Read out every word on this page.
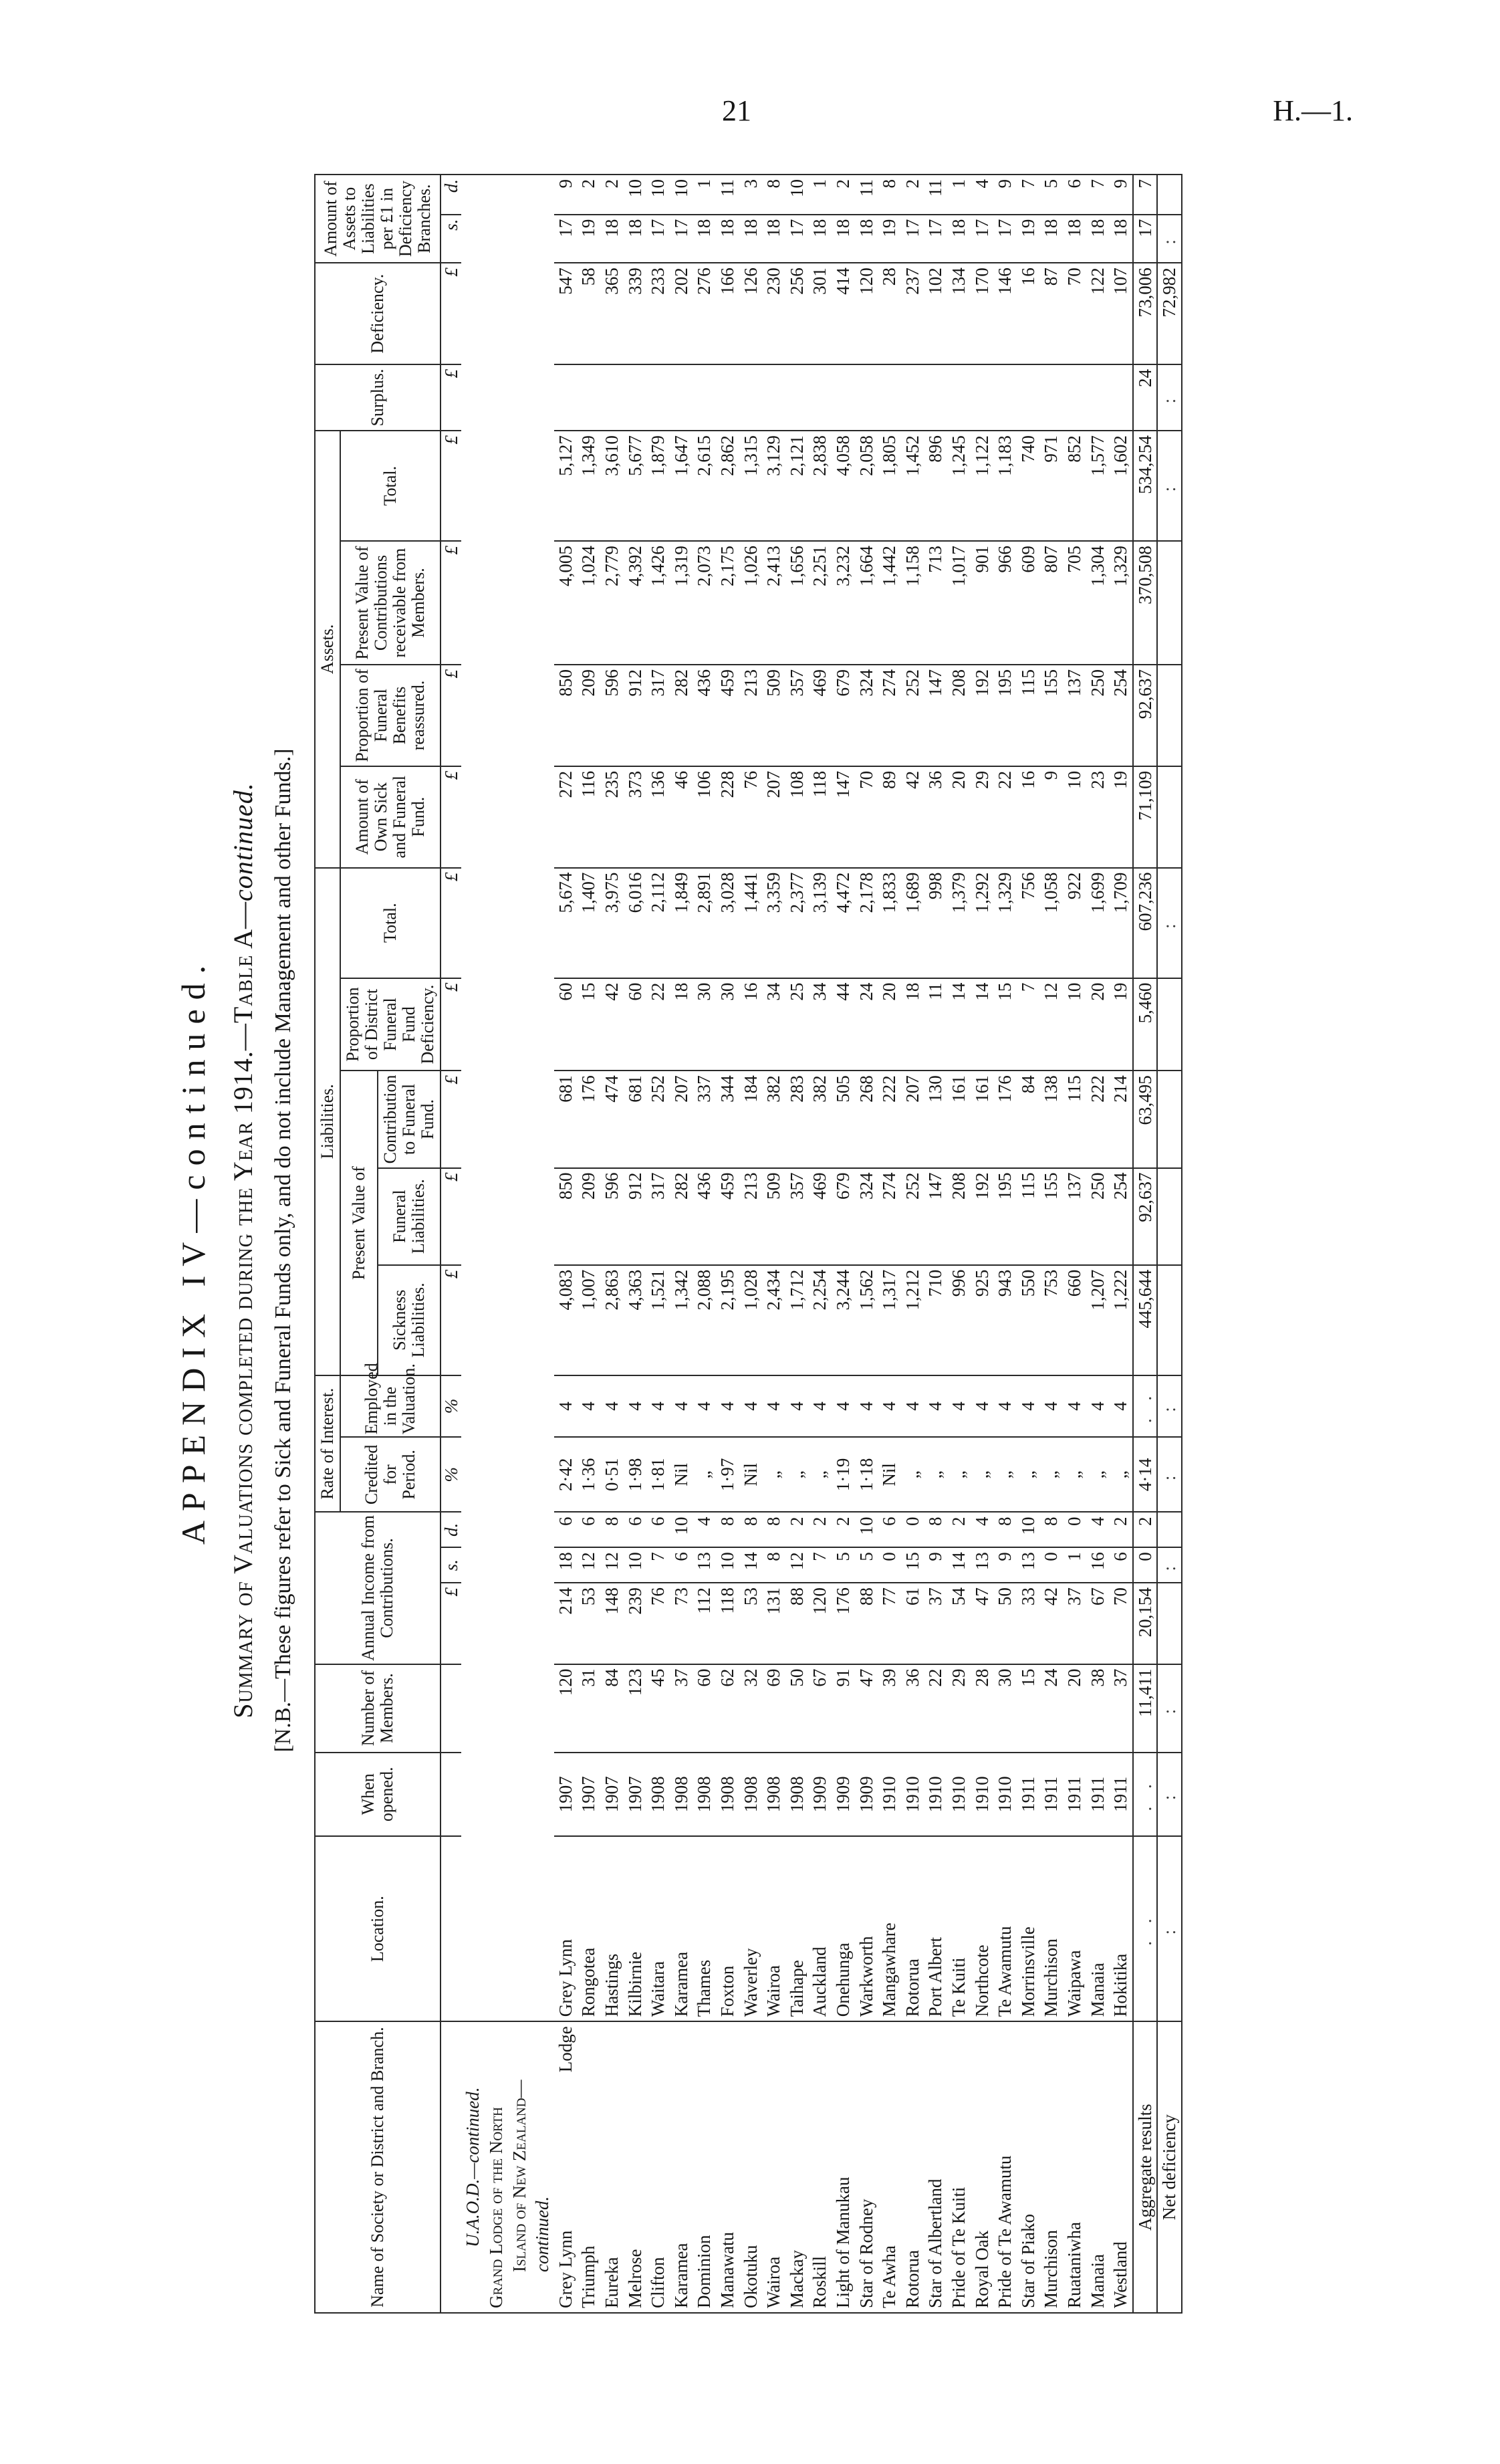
21	H.—1.
APPENDIX IV—continued. Summary of Valuations completed during the Year 1914.—Table A—continued. [N.B.—These figures refer to Sick and Funeral Funds only, and do not include Management and other Funds.]
Name of Society or District and Branch.	Location.	When opened.	Number of Members.	Annual Income from Contributions.			Rate of Interest.		Liabilities.					Assets.				Surplus.	Deficiency.	Amount of Assets to Liabilities per £1 in Deficiency Branches.	
							Credited for Period.	Employed in the Valuation.	Present Value of			Proportion of District Funeral Fund Deficiency.	Total.	Amount of Own Sick and Funeral Fund.	Proportion of Funeral Benefits reassured.	Present Value of Contributions receivable from Members.	Total.				
									Sickness Liabilities.	Funeral Liabilities.	Contribution to Funeral Fund.										
				£	s.	d.	%	%	£	£	£	£	£	£	£	£	£	£	£	s.	d.
U.A.O.D.—continued.																					
Grand Lodge of the North																					
Island of New Zealand—																					
continued.																					
Grey Lynn
Lodge	Grey Lynn	1907	120	214	18	6	2·42	4	4,083	850	681	60	5,674	272	850	4,005	5,127		547	17	9
Triumph	Rongotea	1907	31	53	12	6	1·36	4	1,007	209	176	15	1,407	116	209	1,024	1,349		58	19	2
Eureka	Hastings	1907	84	148	12	8	0·51	4	2,863	596	474	42	3,975	235	596	2,779	3,610		365	18	2
Melrose	Kilbirnie	1907	123	239	10	6	1·98	4	4,363	912	681	60	6,016	373	912	4,392	5,677		339	18	10
Clifton	Waitara	1908	45	76	7	6	1·81	4	1,521	317	252	22	2,112	136	317	1,426	1,879		233	17	10
Karamea	Karamea	1908	37	73	6	10	Nil	4	1,342	282	207	18	1,849	46	282	1,319	1,647		202	17	10
Dominion	Thames	1908	60	112	13	4	„	4	2,088	436	337	30	2,891	106	436	2,073	2,615		276	18	1
Manawatu	Foxton	1908	62	118	10	8	1·97	4	2,195	459	344	30	3,028	228	459	2,175	2,862		166	18	11
Okotuku	Waverley	1908	32	53	14	8	Nil	4	1,028	213	184	16	1,441	76	213	1,026	1,315		126	18	3
Wairoa	Wairoa	1908	69	131	8	8	„	4	2,434	509	382	34	3,359	207	509	2,413	3,129		230	18	8
Mackay	Taihape	1908	50	88	12	2	„	4	1,712	357	283	25	2,377	108	357	1,656	2,121		256	17	10
Roskill	Auckland	1909	67	120	7	2	„	4	2,254	469	382	34	3,139	118	469	2,251	2,838		301	18	1
Light of Manukau	Onehunga	1909	91	176	5	2	1·19	4	3,244	679	505	44	4,472	147	679	3,232	4,058		414	18	2
Star of Rodney	Warkworth	1909	47	88	5	10	1·18	4	1,562	324	268	24	2,178	70	324	1,664	2,058		120	18	11
Te Awha	Mangawhare	1910	39	77	0	6	Nil	4	1,317	274	222	20	1,833	89	274	1,442	1,805		28	19	8
Rotorua	Rotorua	1910	36	61	15	0	„	4	1,212	252	207	18	1,689	42	252	1,158	1,452		237	17	2
Star of Albertland	Port Albert	1910	22	37	9	8	„	4	710	147	130	11	998	36	147	713	896		102	17	11
Pride of Te Kuiti	Te Kuiti	1910	29	54	14	2	„	4	996	208	161	14	1,379	20	208	1,017	1,245		134	18	1
Royal Oak	Northcote	1910	28	47	13	4	„	4	925	192	161	14	1,292	29	192	901	1,122		170	17	4
Pride of Te Awamutu	Te Awamutu	1910	30	50	9	8	„	4	943	195	176	15	1,329	22	195	966	1,183		146	17	9
Star of Piako	Morrinsville	1911	15	33	13	10	„	4	550	115	84	7	756	16	115	609	740		16	19	7
Murchison	Murchison	1911	24	42	0	8	„	4	753	155	138	12	1,058	9	155	807	971		87	18	5
Ruataniwha	Waipawa	1911	20	37	1	0	„	4	660	137	115	10	922	10	137	705	852		70	18	6
Manaia	Manaia	1911	38	67	16	4	„	4	1,207	250	222	20	1,699	23	250	1,304	1,577		122	18	7
Westland	Hokitika	1911	37	70	6	2	„	4	1,222	254	214	19	1,709	19	254	1,329	1,602		107	18	9
Aggregate results	. .	. .	11,411	20,154	0	2	4·14	. .	445,644	92,637	63,495	5,460	607,236	71,109	92,637	370,508	534,254	24	73,006	17	7
Net deficiency	:	:	:		:		:	:					:				:	:	72,982	:	
